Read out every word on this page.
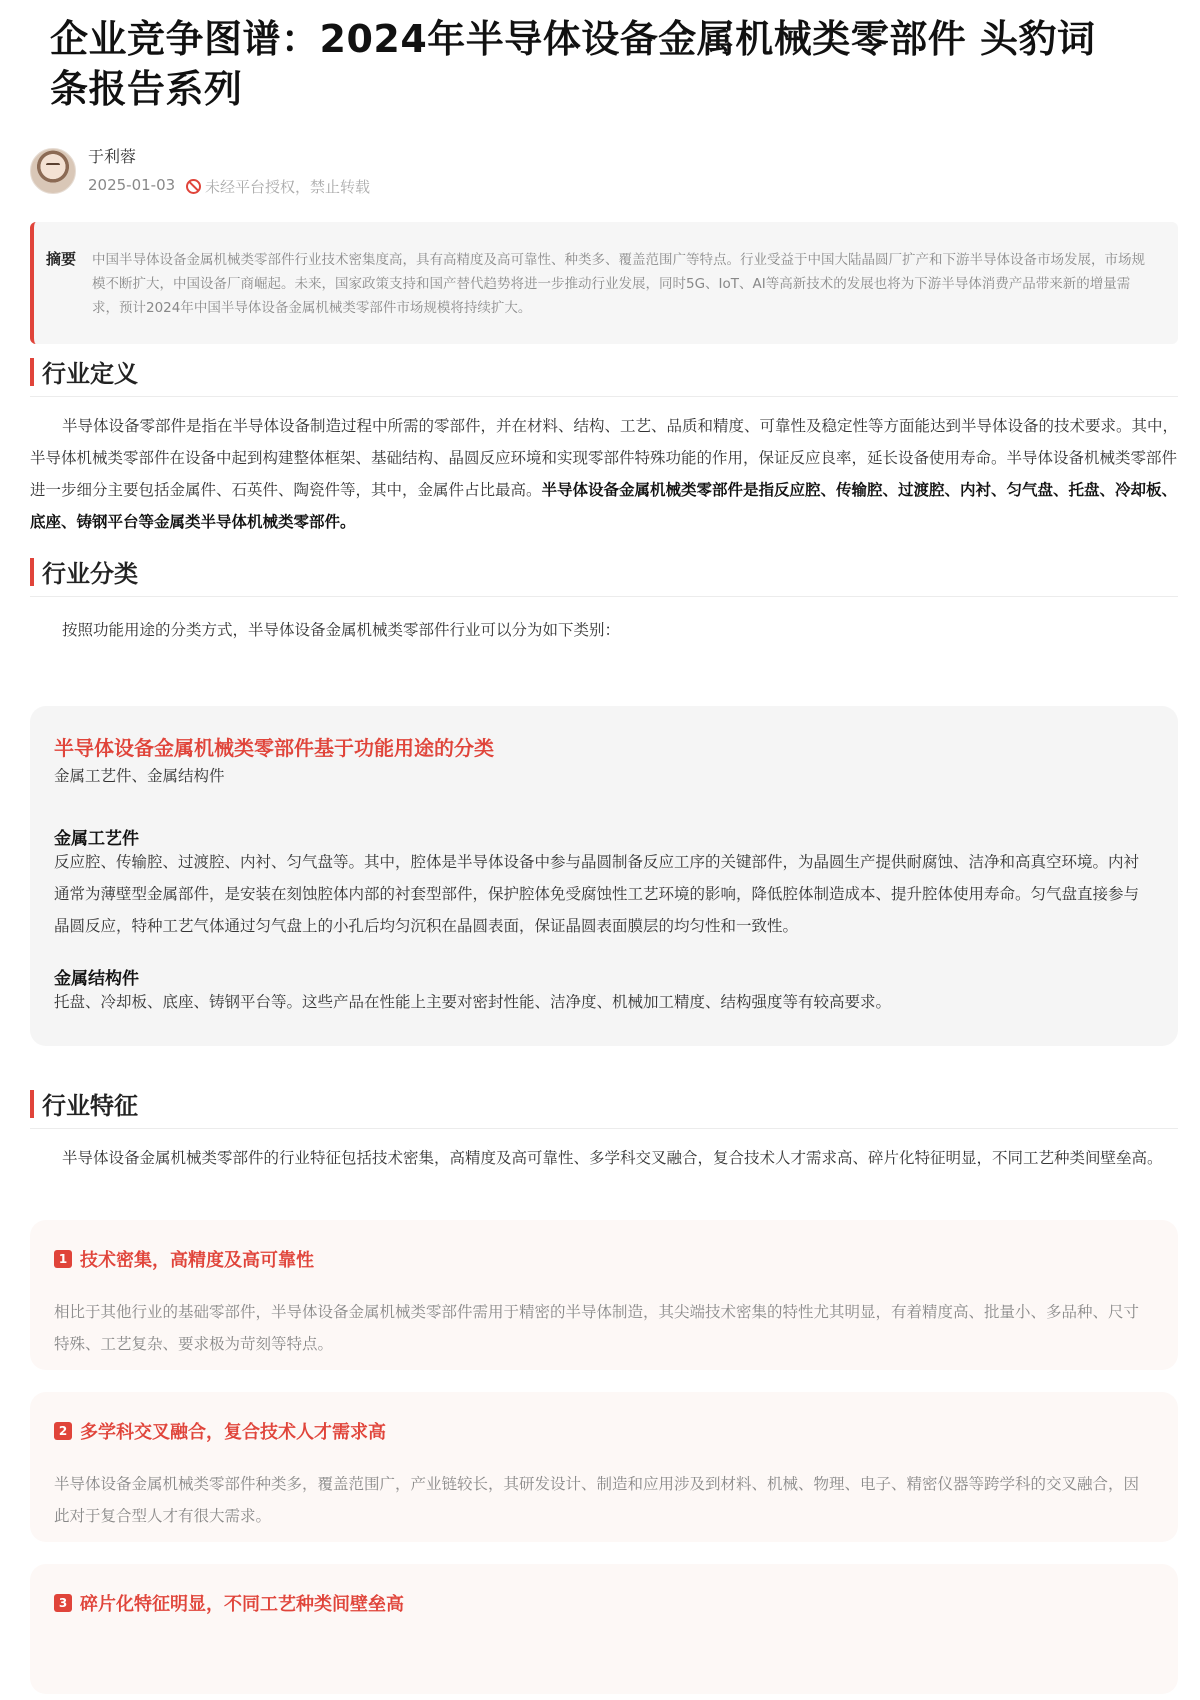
企业竞争图谱：2024年半导体设备金属机械类零部件 头豹词条报告系列
于利蓉
2025-01-03 未经平台授权，禁止转载
摘要 中国半导体设备金属机械类零部件行业技术密集度高，具有高精度及高可靠性、种类多、覆盖范围广等特点。行业受益于中国大陆晶圆厂扩产和下游半导体设备市场发展，市场规模不断扩大，中国设备厂商崛起。未来，国家政策支持和国产替代趋势将进一步推动行业发展，同时5G、IoT、AI等高新技术的发展也将为下游半导体消费产品带来新的增量需求，预计2024年中国半导体设备金属机械类零部件市场规模将持续扩大。
行业定义
半导体设备零部件是指在半导体设备制造过程中所需的零部件，并在材料、结构、工艺、品质和精度、可靠性及稳定性等方面能达到半导体设备的技术要求。其中，半导体机械类零部件在设备中起到构建整体框架、基础结构、晶圆反应环境和实现零部件特殊功能的作用，保证反应良率，延长设备使用寿命。半导体设备机械类零部件进一步细分主要包括金属件、石英件、陶瓷件等，其中，金属件占比最高。半导体设备金属机械类零部件是指反应腔、传输腔、过渡腔、内衬、匀气盘、托盘、冷却板、底座、铸钢平台等金属类半导体机械类零部件。
行业分类
按照功能用途的分类方式，半导体设备金属机械类零部件行业可以分为如下类别：
半导体设备金属机械类零部件基于功能用途的分类
金属工艺件、金属结构件
金属工艺件
反应腔、传输腔、过渡腔、内衬、匀气盘等。其中，腔体是半导体设备中参与晶圆制备反应工序的关键部件，为晶圆生产提供耐腐蚀、洁净和高真空环境。内衬通常为薄壁型金属部件，是安装在刻蚀腔体内部的衬套型部件，保护腔体免受腐蚀性工艺环境的影响，降低腔体制造成本、提升腔体使用寿命。匀气盘直接参与晶圆反应，特种工艺气体通过匀气盘上的小孔后均匀沉积在晶圆表面，保证晶圆表面膜层的均匀性和一致性。
金属结构件
托盘、冷却板、底座、铸钢平台等。这些产品在性能上主要对密封性能、洁净度、机械加工精度、结构强度等有较高要求。
行业特征
半导体设备金属机械类零部件的行业特征包括技术密集，高精度及高可靠性、多学科交叉融合，复合技术人才需求高、碎片化特征明显，不同工艺种类间壁垒高。
1 技术密集，高精度及高可靠性
相比于其他行业的基础零部件，半导体设备金属机械类零部件需用于精密的半导体制造，其尖端技术密集的特性尤其明显，有着精度高、批量小、多品种、尺寸特殊、工艺复杂、要求极为苛刻等特点。
2 多学科交叉融合，复合技术人才需求高
半导体设备金属机械类零部件种类多，覆盖范围广，产业链较长，其研发设计、制造和应用涉及到材料、机械、物理、电子、精密仪器等跨学科的交叉融合，因此对于复合型人才有很大需求。
3 碎片化特征明显，不同工艺种类间壁垒高
